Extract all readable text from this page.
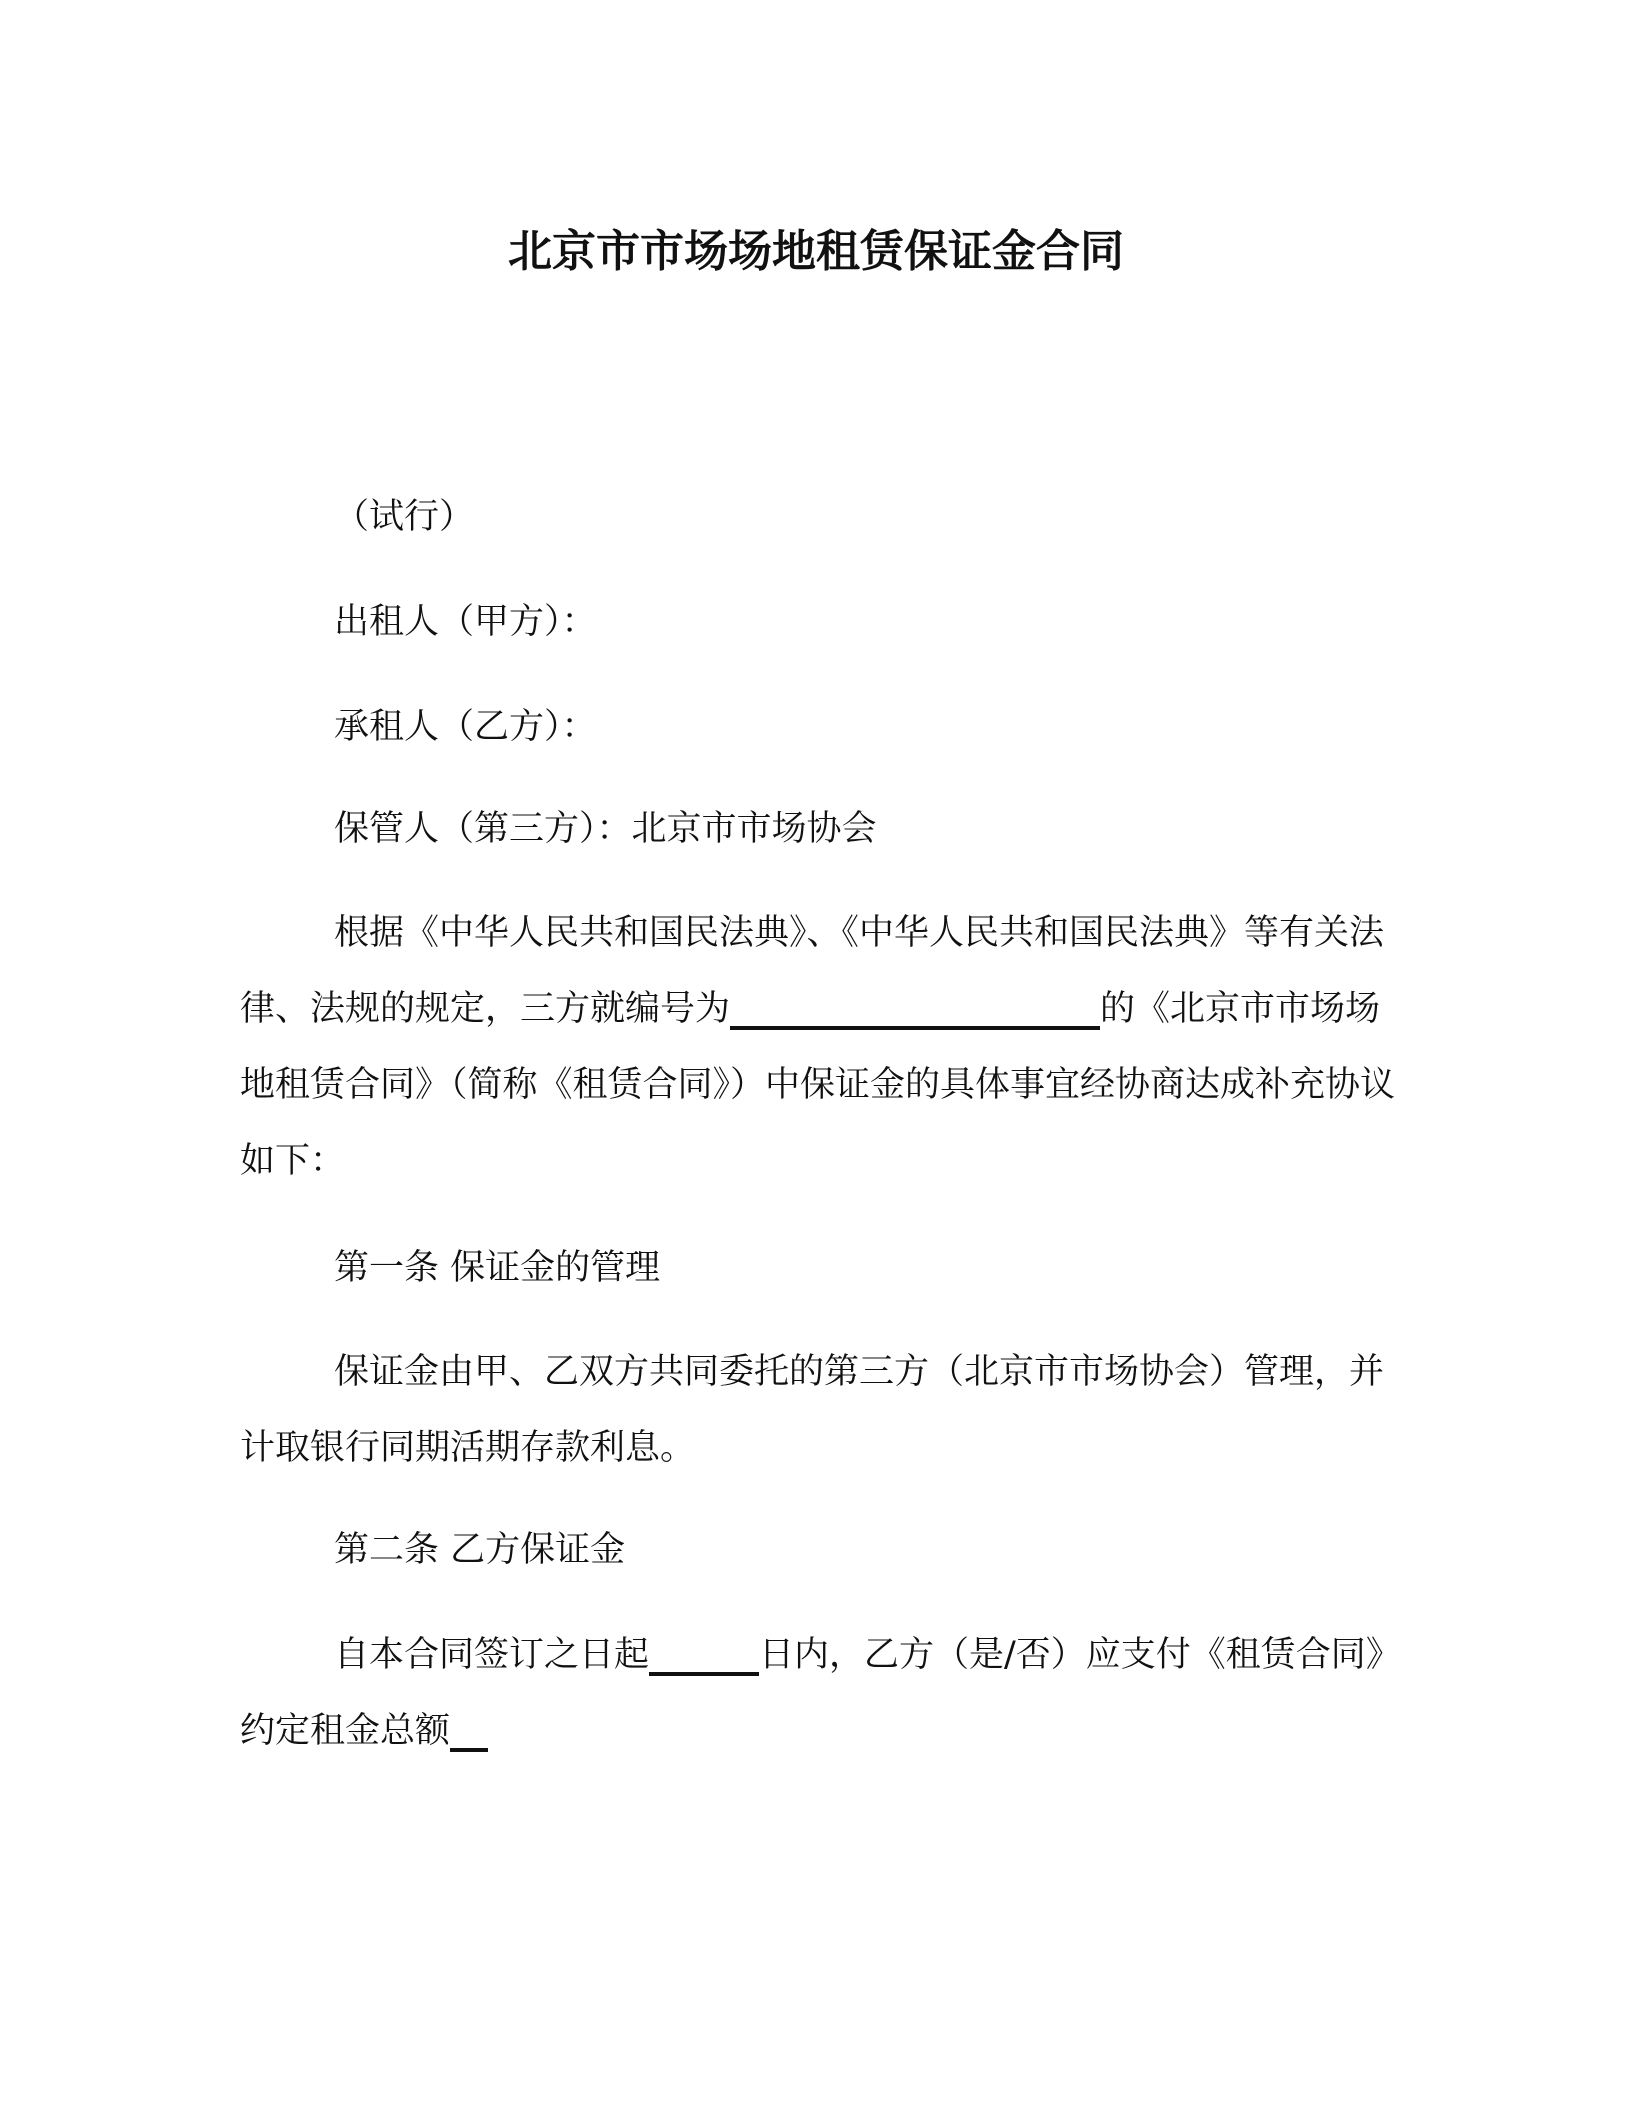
北京市市场场地租赁保证金合同

（试行）

出租人（甲方）：

承租人（乙方）：

保管人（第三方）：北京市市场协会

根据《中华人民共和国民法典》、《中华人民共和国民法典》等有关法律、法规的规定，三方就编号为	的《北京市市场场地租赁合同》（简称《租赁合同》）中保证金的具体事宜经协商达成补充协议如下：

第一条 保证金的管理

保证金由甲、乙双方共同委托的第三方（北京市市场协会）管理，并计取银行同期活期存款利息。

第二条 乙方保证金

自本合同签订之日起	日内，乙方（是/否）应支付《租赁合同》约定租金总额
